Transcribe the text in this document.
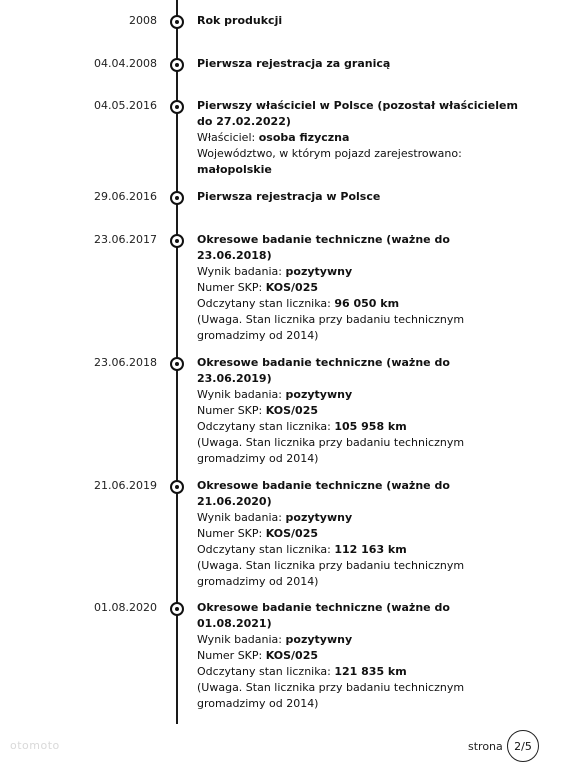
2008	Rok produkcji
04.04.2008	Pierwsza rejestracja za granicą
04.05.2016	Pierwszy właściciel w Polsce (pozostał właścicielem do 27.02.2022)
Właściciel: osoba fizyczna
Województwo, w którym pojazd zarejestrowano: małopolskie
29.06.2016	Pierwsza rejestracja w Polsce
23.06.2017	Okresowe badanie techniczne (ważne do 23.06.2018)
Wynik badania: pozytywny
Numer SKP: KOS/025
Odczytany stan licznika: 96 050 km
(Uwaga. Stan licznika przy badaniu technicznym gromadzimy od 2014)
23.06.2018	Okresowe badanie techniczne (ważne do 23.06.2019)
Wynik badania: pozytywny
Numer SKP: KOS/025
Odczytany stan licznika: 105 958 km
(Uwaga. Stan licznika przy badaniu technicznym gromadzimy od 2014)
21.06.2019	Okresowe badanie techniczne (ważne do 21.06.2020)
Wynik badania: pozytywny
Numer SKP: KOS/025
Odczytany stan licznika: 112 163 km
(Uwaga. Stan licznika przy badaniu technicznym gromadzimy od 2014)
01.08.2020	Okresowe badanie techniczne (ważne do 01.08.2021)
Wynik badania: pozytywny
Numer SKP: KOS/025
Odczytany stan licznika: 121 835 km
(Uwaga. Stan licznika przy badaniu technicznym gromadzimy od 2014)
otomoto	strona	2/5
